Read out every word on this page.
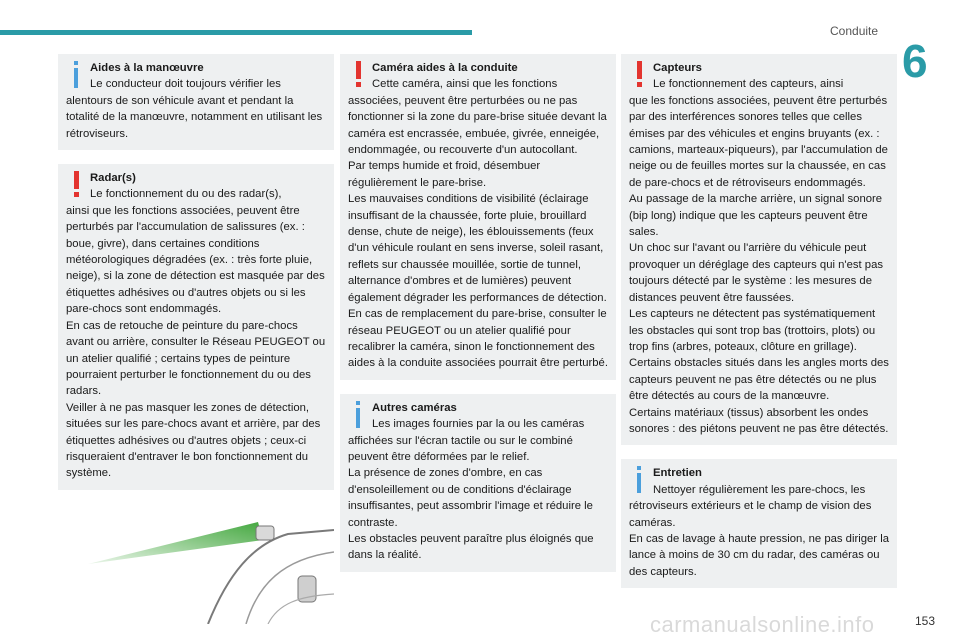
Conduite
6
Aides à la manœuvre
Le conducteur doit toujours vérifier les

alentours de son véhicule avant et pendant la totalité de la manœuvre, notamment en utilisant les rétroviseurs.

Radar(s)
Le fonctionnement du ou des radar(s),

ainsi que les fonctions associées, peuvent être perturbés par l'accumulation de salissures (ex. : boue, givre), dans certaines conditions météorologiques dégradées (ex. : très forte pluie, neige), si la zone de détection est masquée par des étiquettes adhésives ou d'autres objets ou si les pare-chocs sont endommagés.

En cas de retouche de peinture du pare-chocs avant ou arrière, consulter le Réseau PEUGEOT ou un atelier qualifié ; certains types de peinture pourraient perturber le fonctionnement du ou des radars.

Veiller à ne pas masquer les zones de détection, situées sur les pare-chocs avant et arrière, par des étiquettes adhésives ou d'autres objets ; ceux-ci risqueraient d'entraver le bon fonctionnement du système.

Caméra aides à la conduite
Cette caméra, ainsi que les fonctions

associées, peuvent être perturbées ou ne pas fonctionner si la zone du pare-brise située devant la caméra est encrassée, embuée, givrée, enneigée, endommagée, ou recouverte d'un autocollant.

Par temps humide et froid, désembuer régulièrement le pare-brise.

Les mauvaises conditions de visibilité (éclairage insuffisant de la chaussée, forte pluie, brouillard dense, chute de neige), les éblouissements (feux d'un véhicule roulant en sens inverse, soleil rasant, reflets sur chaussée mouillée, sortie de tunnel, alternance d'ombres et de lumières) peuvent également dégrader les performances de détection.

En cas de remplacement du pare-brise, consulter le réseau PEUGEOT ou un atelier qualifié pour recalibrer la caméra, sinon le fonctionnement des aides à la conduite associées pourrait être perturbé.

Autres caméras
Les images fournies par la ou les caméras

affichées sur l'écran tactile ou sur le combiné peuvent être déformées par le relief.

La présence de zones d'ombre, en cas d'ensoleillement ou de conditions d'éclairage insuffisantes, peut assombrir l'image et réduire le contraste.

Les obstacles peuvent paraître plus éloignés que dans la réalité.

Capteurs
Le fonctionnement des capteurs, ainsi

que les fonctions associées, peuvent être perturbés par des interférences sonores telles que celles émises par des véhicules et engins bruyants (ex. : camions, marteaux-piqueurs), par l'accumulation de neige ou de feuilles mortes sur la chaussée, en cas de pare-chocs et de rétroviseurs endommagés.

Au passage de la marche arrière, un signal sonore (bip long) indique que les capteurs peuvent être sales.

Un choc sur l'avant ou l'arrière du véhicule peut provoquer un déréglage des capteurs qui n'est pas toujours détecté par le système : les mesures de distances peuvent être faussées.

Les capteurs ne détectent pas systématiquement les obstacles qui sont trop bas (trottoirs, plots) ou trop fins (arbres, poteaux, clôture en grillage).

Certains obstacles situés dans les angles morts des capteurs peuvent ne pas être détectés ou ne plus être détectés au cours de la manœuvre.

Certains matériaux (tissus) absorbent les ondes sonores : des piétons peuvent ne pas être détectés.

Entretien
Nettoyer régulièrement les pare-chocs, les

rétroviseurs extérieurs et le champ de vision des caméras.

En cas de lavage à haute pression, ne pas diriger la lance à moins de 30 cm du radar, des caméras ou des capteurs.

carmanualsonline.info	153
